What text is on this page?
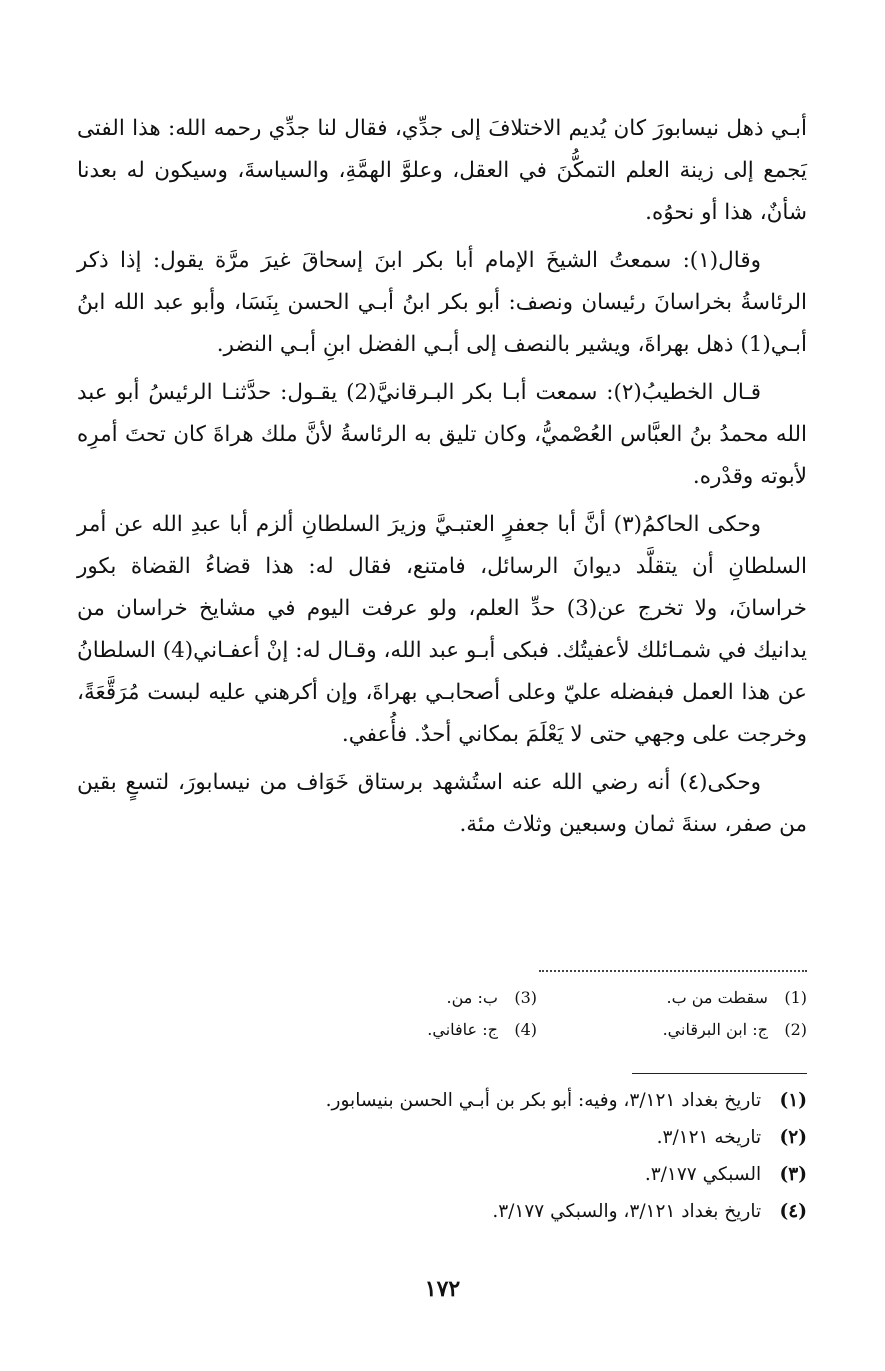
أبـي ذهل نيسابورَ كان يُديم الاختلافَ إلى جدِّي، فقال لنا جدِّي رحمه الله: هذا الفتى يَجمع إلى زينة العلم التمكُّنَ في العقل، وعلوَّ الهمَّةِ، والسياسةَ، وسيكون له بعدنا شأنٌ، هذا أو نحوُه.

وقال(١): سمعتُ الشيخَ الإمام أبا بكر ابنَ إسحاقَ غيرَ مرَّة يقول: إذا ذكر الرئاسةُ بخراسانَ رئيسان ونصف: أبو بكر ابنُ أبـي الحسن بِنَسَا، وأبو عبد الله ابنُ أبـي(1) ذهل بهراةَ، ويشير بالنصف إلى أبـي الفضل ابنِ أبـي النضر.

قـال الخطيبُ(٢): سمعت أبـا بكر البـرقانيَّ(2) يقـول: حدَّثنـا الرئيسُ أبو عبد الله محمدُ بنُ العبَّاس العُصْميُّ، وكان تليق به الرئاسةُ لأنَّ ملك هراةَ كان تحتَ أمرِه لأبوته وقدْره.

وحكى الحاكمُ(٣) أنَّ أبا جعفرٍ العتبـيَّ وزيرَ السلطانِ ألزم أبا عبدِ الله عن أمر السلطانِ أن يتقلَّد ديوانَ الرسائل، فامتنع، فقال له: هذا قضاءُ القضاة بكور خراسانَ، ولا تخرج عن(3) حدِّ العلم، ولو عرفت اليوم في مشايخ خراسان من يدانيك في شمـائلك لأعفيتُك. فبكى أبـو عبد الله، وقـال له: إنْ أعفـاني(4) السلطانُ عن هذا العمل فبفضله عليّ وعلى أصحابـي بهراةَ، وإن أكرهني عليه لبست مُرَقَّعَةً، وخرجت على وجهي حتى لا يَعْلَمَ بمكاني أحدٌ. فأُعفي.

وحكى(٤) أنه رضي الله عنه استُشهد برستاق خَوَاف من نيسابورَ، لتسعٍ بقين من صفر، سنةَ ثمان وسبعين وثلاث مئة.

(1) سقطت من ب.
(3) ب: من.
(2) ج: ابن البرقاني.
(4) ج: عافاني.
(١) تاريخ بغداد ٣/١٢١، وفيه: أبو بكر بن أبـي الحسن بنيسابور.
(٢) تاريخه ٣/١٢١.
(٣) السبكي ٣/١٧٧.
(٤) تاريخ بغداد ٣/١٢١، والسبكي ٣/١٧٧.
١٧٢
